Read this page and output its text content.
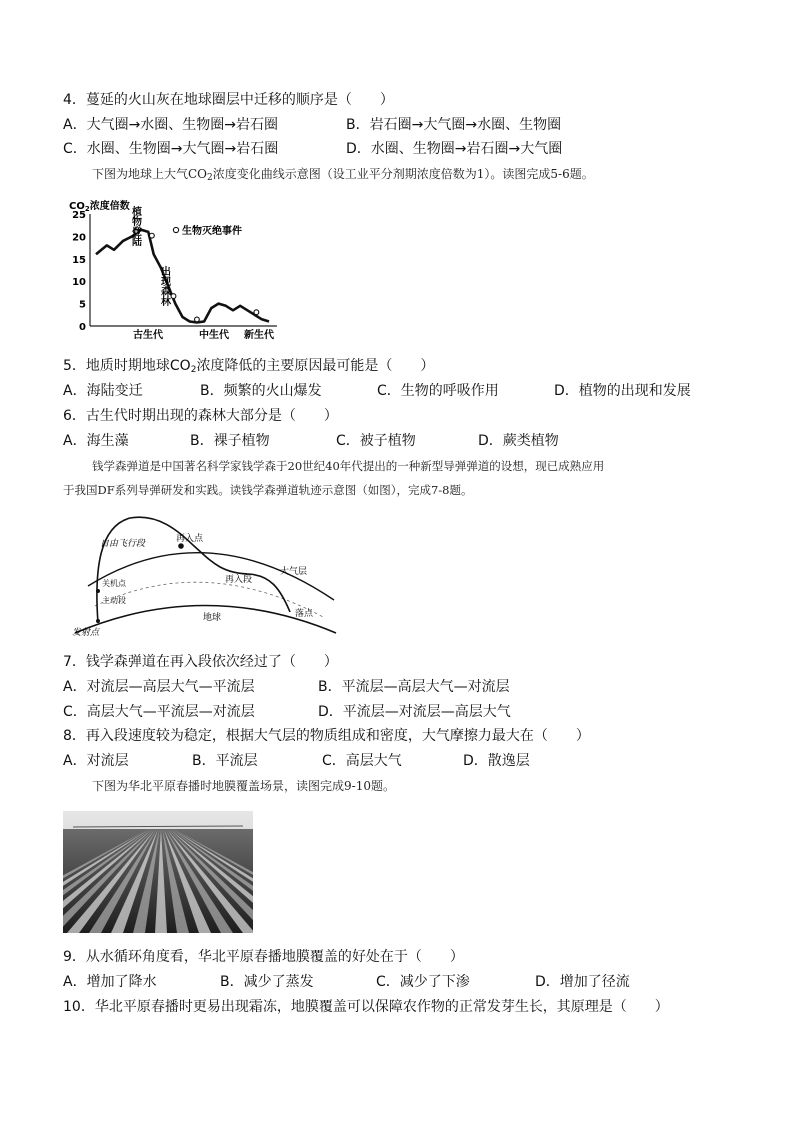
4．蔓延的火山灰在地球圈层中迁移的顺序是（　　）
A．大气圈→水圈、生物圈→岩石圈	B．岩石圈→大气圈→水圈、生物圈
C．水圈、生物圈→大气圈→岩石圈	D．水圈、生物圈→岩石圈→大气圈
下图为地球上大气$CO_2$浓度变化曲线示意图（设工业平分剂期浓度倍数为1）。读图完成5-6题。
$CO_2$浓度倍数
25
20
15
10
5
0
植物登陆
出现森林
生物灭绝事件
古生代	中生代 新生代
5．地质时期地球$CO_2$浓度降低的主要原因最可能是（　　）
A．海陆变迁	B．频繁的火山爆发	C．生物的呼吸作用	D．植物的出现和发展
6．古生代时期出现的森林大部分是（　　）
A．海生藻	B．裸子植物	C．被子植物	D．蕨类植物
钱学森弹道是中国著名科学家钱学森于20世纪40年代提出的一种新型导弹弹道的设想，现已成熟应用
于我国DF系列导弹研发和实践。读钱学森弹道轨迹示意图（如图），完成7-8题。
自由飞行段	再入点
再入段
大气层
关机点
主动段
地球
发射点
落点
7．钱学森弹道在再入段依次经过了（　　）
A．对流层—高层大气—平流层	B．平流层—高层大气—对流层
C．高层大气—平流层—对流层	D．平流层—对流层—高层大气
8．再入段速度较为稳定，根据大气层的物质组成和密度，大气摩擦力最大在（　　）
A．对流层	B．平流层	C．高层大气	D．散逸层
下图为华北平原春播时地膜覆盖场景，读图完成9-10题。
9．从水循环角度看，华北平原春播地膜覆盖的好处在于（　　）
A．增加了降水	B．减少了蒸发	C．减少了下渗	D．增加了径流
10．华北平原春播时更易出现霜冻，地膜覆盖可以保障农作物的正常发芽生长，其原理是（　　）
